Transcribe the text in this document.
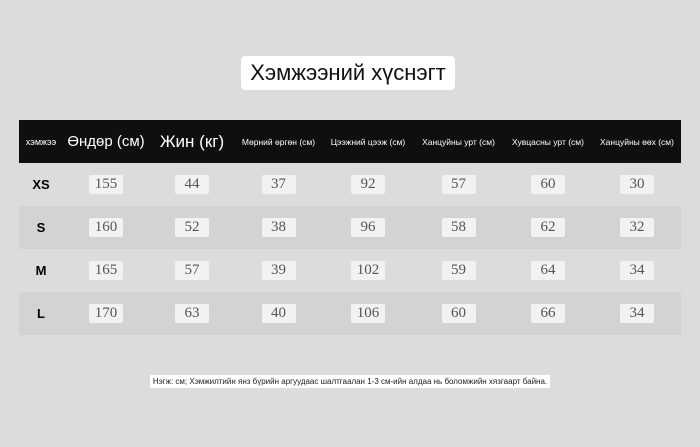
Хэмжээний хүснэгт
хэмжээ	Өндөр (см)	Жин (кг)	Мөрний өргөн (см)	Цээжний цээж (см)	Ханцуйны урт (см)	Хувцасны урт (см)	Ханцуйны өөх (см)
XS	155	44	37	92	57	60	30
S	160	52	38	96	58	62	32
M	165	57	39	102	59	64	34
L	170	63	40	106	60	66	34
Нэгж: см; Хэмжилтийн янз бүрийн аргуудаас шалтгаалан 1-3 см-ийн алдаа нь боломжийн хязгаарт байна.
